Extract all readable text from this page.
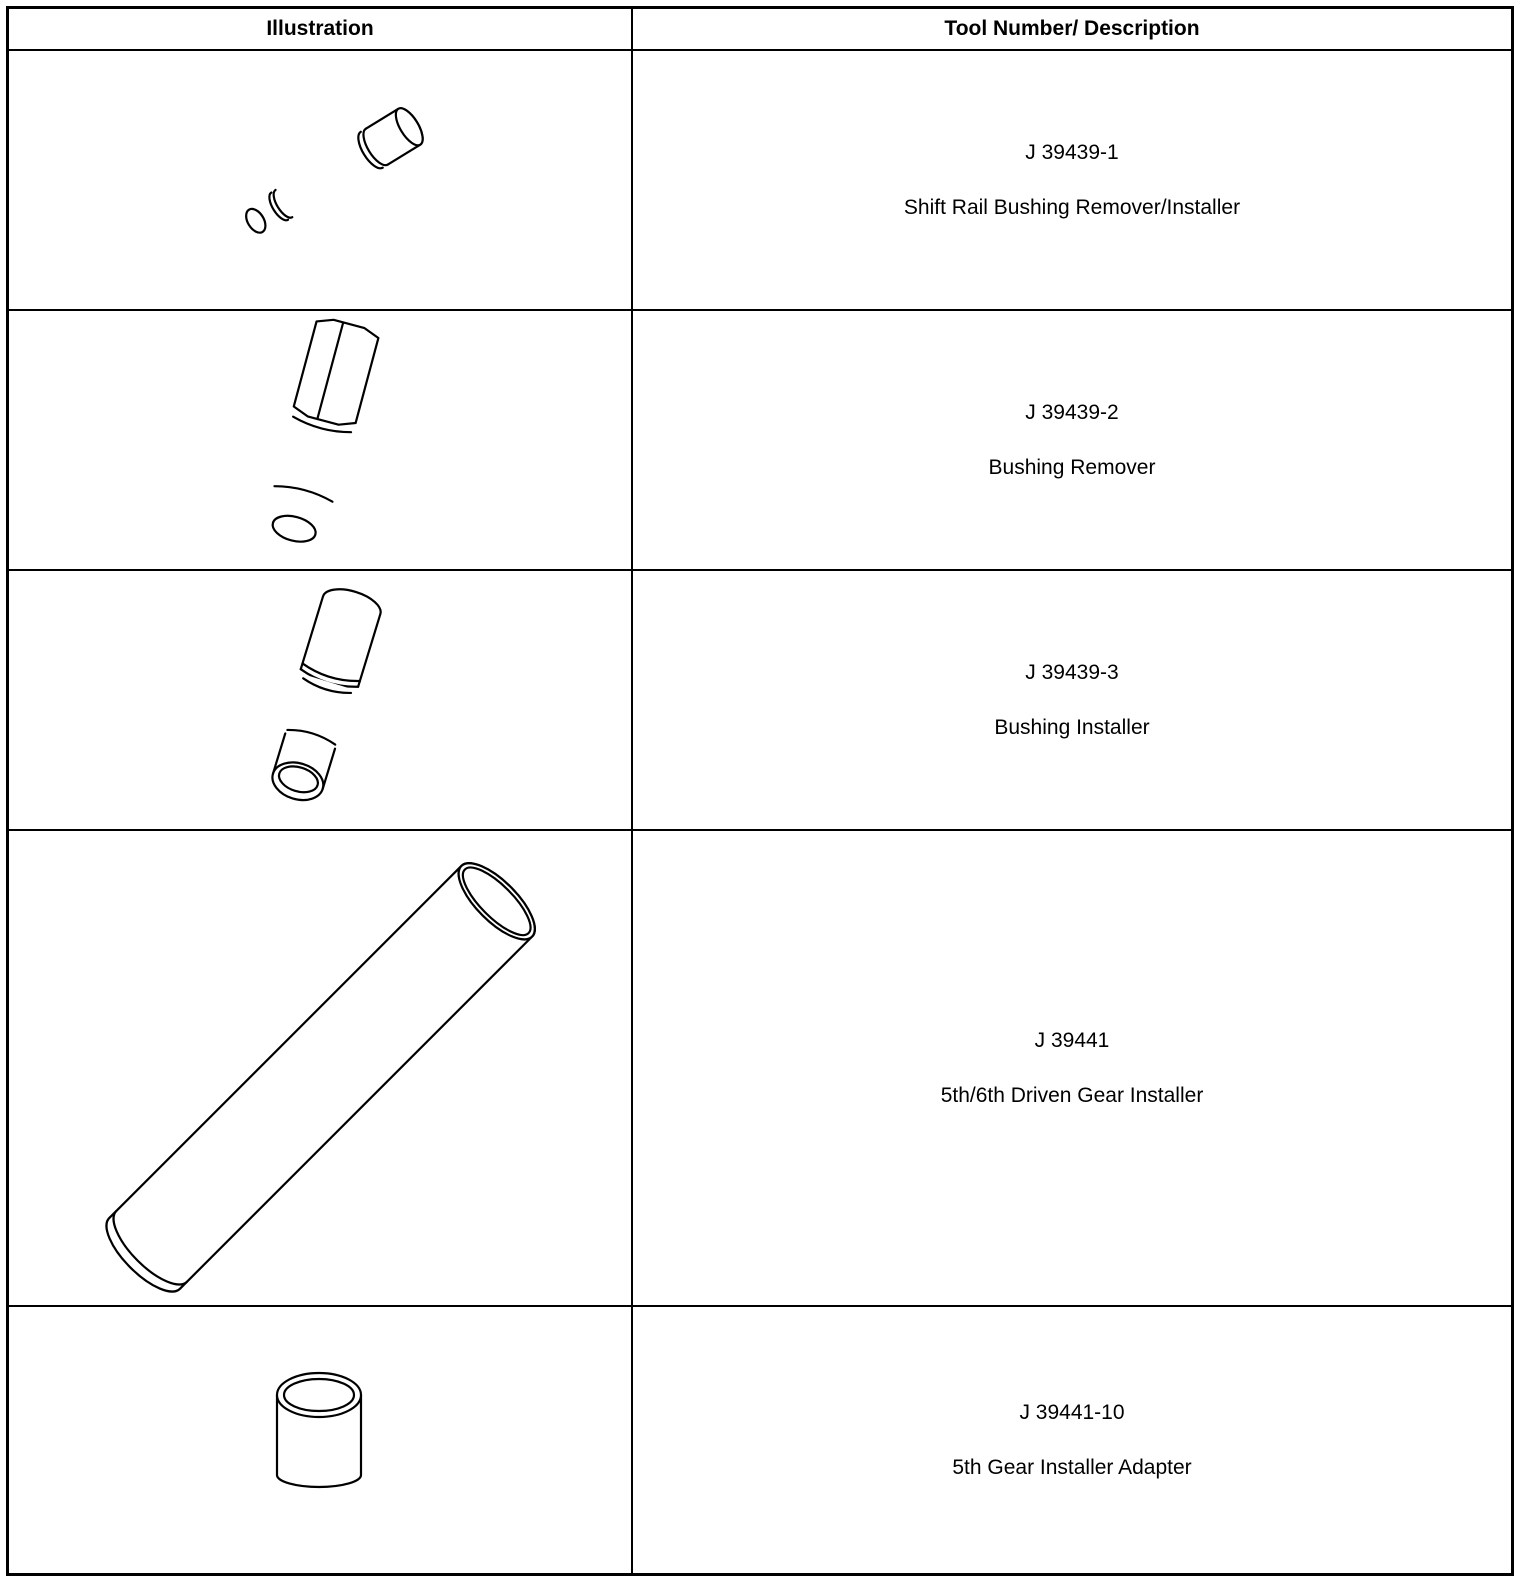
Illustration	Tool Number/ Description
J 39439-1
Shift Rail Bushing Remover/Installer
J 39439-2
Bushing Remover
J 39439-3
Bushing Installer
J 39441
5th/6th Driven Gear Installer
J 39441-10
5th Gear Installer Adapter
